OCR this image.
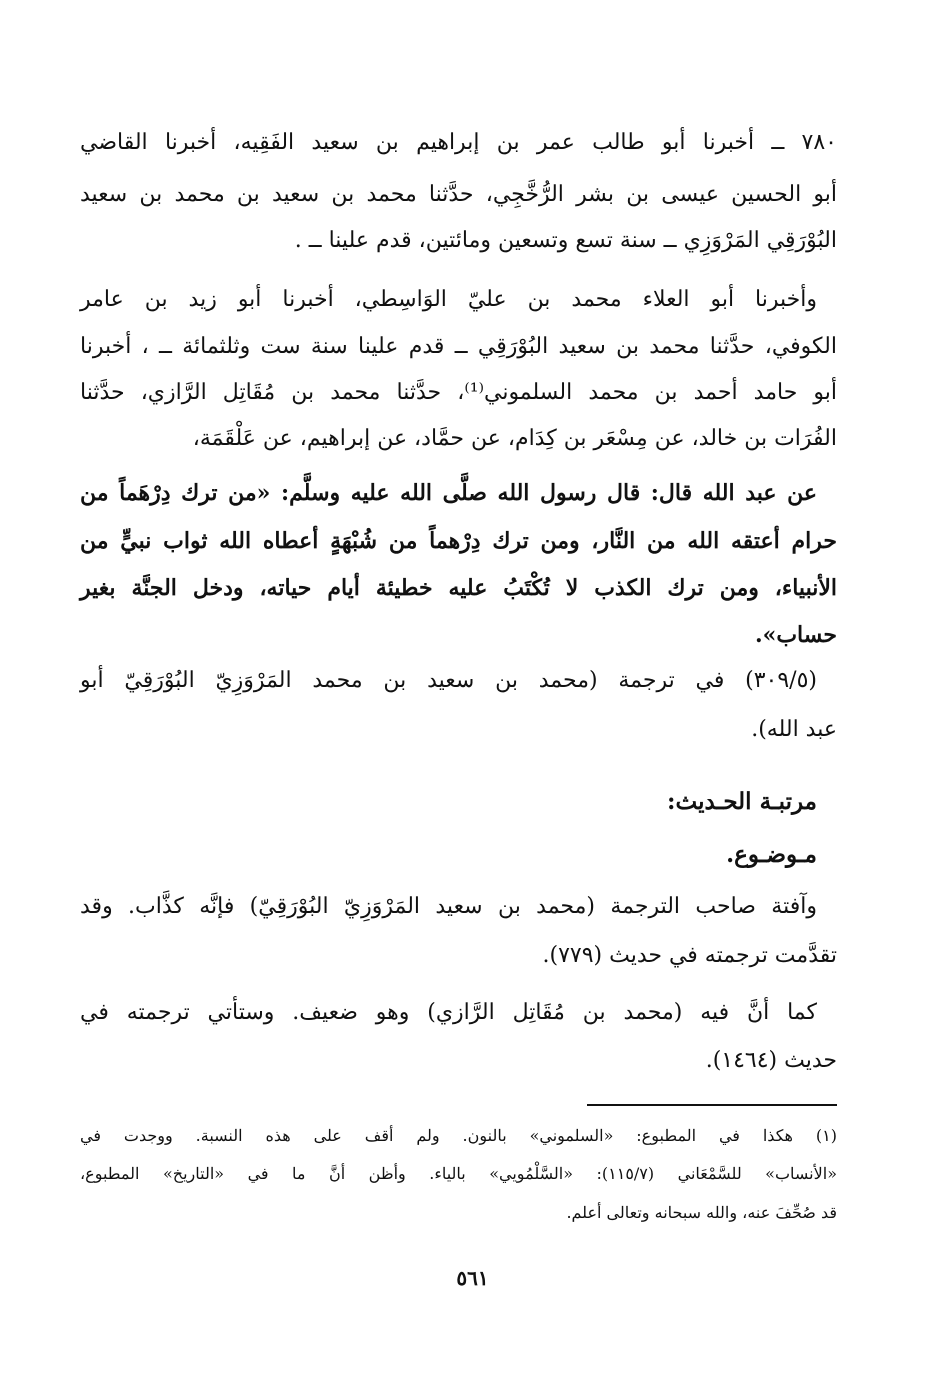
٧٨٠ ــ أخبرنا أبو طالب عمر بن إبراهيم بن سعيد الفَقِيه، أخبرنا القاضي
أبو الحسين عيسى بن بشر الرُّخَّجِي، حدَّثنا محمد بن سعيد بن محمد بن سعيد
البُوْرَقِي المَرْوَزِي ــ سنة تسع وتسعين ومائتين، قدم علينا ــ .
وأخبرنا أبو العلاء محمد بن عليّ الوَاسِطي، أخبرنا أبو زيد بن عامر
الكوفي، حدَّثنا محمد بن سعيد البُوْرَقِي ــ قدم علينا سنة ست وثلثمائة ــ ، أخبرنا
أبو حامد أحمد بن محمد السلموني⁽¹⁾، حدَّثنا محمد بن مُقَاتِل الرَّازي، حدَّثنا
الفُرَات بن خالد، عن مِسْعَر بن كِدَام، عن حمَّاد، عن إبراهيم، عن عَلْقَمَة،
عن عبد الله قال: قال رسول الله صلَّى الله عليه وسلَّم: «من ترك دِرْهَماً من
حرام أعتقه الله من النَّار، ومن ترك دِرْهماً من شُبْهَةٍ أعطاه الله ثواب نبيٍّ من
الأنبياء، ومن ترك الكذب لا تُكْتَبُ عليه خطيئة أيام حياته، ودخل الجنَّة بغير
حساب».
(٣٠٩/٥) في ترجمة (محمد بن سعيد بن محمد المَرْوَزِيّ البُوْرَقِيّ أبو
عبد الله).
مرتبـة الحـديث:
مـوضـوع.
وآفتة صاحب الترجمة (محمد بن سعيد المَرْوَزِيّ البُوْرَقِيّ) فإنَّه كذَّاب. وقد
تقدَّمت ترجمته في حديث (٧٧٩).
كما أنَّ فيه (محمد بن مُقَاتِل الرَّازي) وهو ضعيف. وستأتي ترجمته في
حديث (١٤٦٤).
(١) هكذا في المطبوع: «السلموني» بالنون. ولم أقف على هذه النسبة. ووجدت في
«الأنساب» للسَّمْعَاني (١١٥/٧): «السَّلْمُويي» بالياء. وأظن أنَّ ما في «التاريخ» المطبوع،
قد صُحِّفَ عنه، والله سبحانه وتعالى أعلم.
٥٦١
